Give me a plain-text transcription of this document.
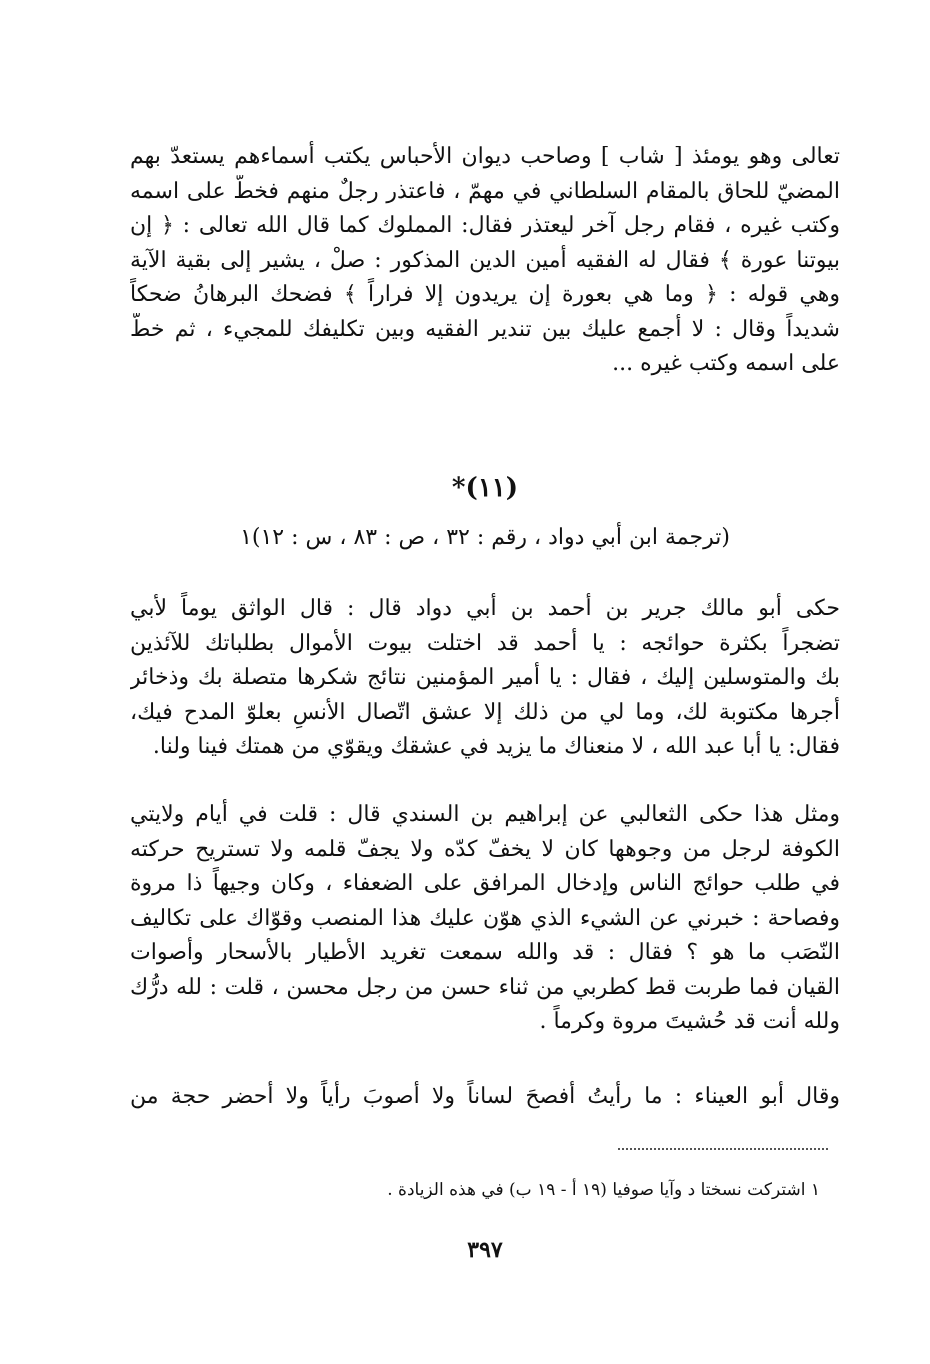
تعالى وهو يومئذ [ شاب ] وصاحب ديوان الأحباس يكتب أسماءهم يستعدّ بهم
المضيّ للحاق بالمقام السلطاني في مهمّ ، فاعتذر رجلٌ منهم فخطّ على اسمه
وكتب غيره ، فقام رجل آخر ليعتذر فقال: المملوك كما قال الله تعالى : ﴿ إن
بيوتنا عورة ﴾ فقال له الفقيه أمين الدين المذكور : صلْ ، يشير إلى بقية الآية
وهي قوله : ﴿ وما هي بعورة إن يريدون إلا فراراً ﴾ فضحك البرهانُ ضحكاً
شديداً وقال : لا أجمع عليك بين تندير الفقيه وبين تكليفك للمجيء ، ثم خطّ
على اسمه وكتب غيره ...
(١١)*
(ترجمة ابن أبي دواد ، رقم : ٣٢ ، ص : ٨٣ ، س : ١٢)١
حكى أبو مالك جرير بن أحمد بن أبي دواد قال : قال الواثق يوماً لأبي
تضجراً بكثرة حوائجه : يا أحمد قد اختلت بيوت الأموال بطلباتك للآئذين
بك والمتوسلين إليك ، فقال : يا أمير المؤمنين نتائج شكرها متصلة بك وذخائر
أجرها مكتوبة لك، وما لي من ذلك إلا عشق اتّصال الأنسِ بعلوّ المدح فيك،
فقال: يا أبا عبد الله ، لا منعناك ما يزيد في عشقك ويقوّي من همتك فينا ولنا.
ومثل هذا حكى الثعالبي عن إبراهيم بن السندي قال : قلت في أيام ولايتي
الكوفة لرجل من وجوهها كان لا يخفّ كدّه ولا يجفّ قلمه ولا تستريح حركته
في طلب حوائج الناس وإدخال المرافق على الضعفاء ، وكان وجيهاً ذا مروة
وفصاحة : خبرني عن الشيء الذي هوّن عليك هذا المنصب وقوّاك على تكاليف
النّصَب ما هو ؟ فقال : قد والله سمعت تغريد الأطيار بالأسحار وأصوات
القيان فما طربت قط كطربي من ثناء حسن من رجل محسن ، قلت : لله درُّك
ولله أنت قد حُشيتَ مروة وكرماً .
وقال أبو العيناء : ما رأيتُ أفصحَ لساناً ولا أصوبَ رأياً ولا أحضر حجة من
١ اشتركت نسختا د وآيا صوفيا (١٩ أ - ١٩ ب) في هذه الزيادة .
٣٩٧
